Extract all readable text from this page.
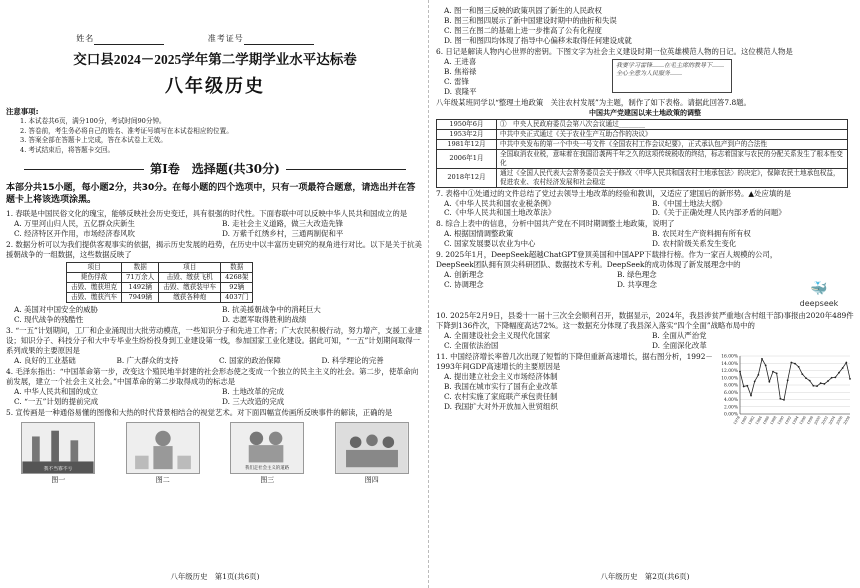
姓名	准考证号
交口县2024－2025学年第二学期学业水平达标卷
八年级历史
注意事项:

1. 本试卷共6页，满分100分，考试时间90分钟。

2. 答卷前，考生务必将自己的姓名、准考证号填写在本试卷相应的位置。

3. 答案全部在答题卡上完成，答在本试卷上无效。

4. 考试结束后，将答题卡交回。

第Ⅰ卷　选择题(共30分)
本部分共15小题，每小题2分，共30分。在每小题的四个选项中，只有一项最符合题意，请选出并在答题卡上将该选项涂黑。
1. 春联是中国民俗文化的瑰宝，能够反映社会历史变迁，具有很强的时代性。下面春联中可以反映中华人民共和国成立的是
A. 万里河山归人民，五亿群众庆新生	B. 走社会主义道路，做三大改造先锋
C. 经济特区开作用，市场经济春风吹	D. 万紫千红绣乡村，三通两制促和平
2. 数据分析可以为我们提供客观事实的依据，揭示历史发展的趋势，在历史中以丰富历史研究的视角进行对比。以下是关于抗美援朝战争的一组数据，这些数据反映了
项目	数据	项目	数据
毙伤俘敌	71万余人	击毁、缴获飞机	4268架
击毁、缴获坦克	1492辆	击毁、缴获装甲车	92辆
击毁、缴获汽车	7949辆	缴获各种炮	4037门
A. 美国对中国安全的威胁	B. 抗美援朝战争中的消耗巨大
C. 现代战争的残酷性	D. 志愿军取得胜利的战绩
3. “一五”计划期间，工厂和企业涌现出大批劳动模范，一些知识分子和先进工作者；广大农民积极行动，努力增产，支援工业建设；知识分子、科技分子和大中专毕业生纷纷投身到工业建设第一线，参加国家工业化建设。据此可知，“一五”计划期间取得一系列成果的主要原因是
A. 良好的工业基础	B. 广大群众的支持	C. 国家的政治保障	D. 科学理论的完善
4. 毛泽东指出：“中国革命第一步，改变这个殖民地半封建的社会形态使之变成一个独立的民主主义的社会。第二步，使革命向前发展，建立一个社会主义社会。”中国革命的第二步取得成功的标志是
A. 中华人民共和国的成立	B. 土地改革的完成
C. “一五”计划的提前完成	D. 三大改造的完成
5. 宣传画是一种通俗易懂的图像和大热的时代背景相结合的视觉艺术。对下面四幅宣传画所反映事件的解读，正确的是
我不当寡不亏
图一	图二
我们走社会主义的道路
图三	图四
八年级历史　第1页(共6页)
A. 图一和图三反映的政策巩固了新生的人民政权
B. 图三和图四展示了新中国建设时期中的曲折和失误
C. 图三在图二的基础上进一步推高了公有化程度
D. 图一和图四均体现了指导中心偏移未取得任何建设成就
6. 日记是解读人物内心世界的密钥。下图文字为社会主义建设时期一位英雄模范人物的日记。这位模范人物是
A. 王进喜
B. 焦裕禄
C. 雷锋
D. 袁隆平
我要学习雷锋……在毛主席的教导下……全心全意为人民服务……
八年级某班同学以“整理土地政策　关注农村发展”为主题，制作了如下表格。请据此回答7.8题。
中国共产党建国以来土地政策的调整
1950年6月	①　中央人民政府委员会第八次会议通过________
1953年2月	中共中央正式通过《关于农业生产互助合作的决议》
1981年12月	中共中央发布的第一个中央一号文件《全国农村工作会议纪要》，正式承认包产到户的合法性
2006年1月	全国取消农业税，意味着在我国沿袭两千年之久的这项传统税收的终结，标志着国家与农民的分配关系发生了根本性变化
2018年12月	通过《全国人民代表大会常务委员会关于修改〈中华人民共和国农村土地承包法〉的决定》，保障农民土地承包权益，促进农业、农村经济发展和社会稳定
7. 表格中①处通过的文件总结了党过去领导土地改革的经验和教训，又适应了建国后的新形势。▲处应填的是
A.《中华人民共和国农业税条例》	B.《中国土地法大纲》
C.《中华人民共和国土地改革法》	D.《关于正确处理人民内部矛盾的问题》
8. 综合上表中的信息，分析中国共产党在不同时期调整土地政策，说明了
A. 根据国情调整政策	B. 农民对生产资料拥有所有权
C. 国家发展要以农业为中心	D. 农村阶级关系发生变化
9. 2025年1月，DeepSeek超越ChatGPT登顶美国和中国APP下载排行榜。作为一家百人规模的公司，DeepSeek团队拥有顶尖科研团队、数据技术专利。DeepSeek的成功体现了新发展理念中的
A. 创新理念	B. 绿色理念
C. 协调理念	D. 共享理念	🐳
deepseek
10. 2025年2月9日，县委十一届十三次全会顺利召开，数据显示，2024年，我县涉贫严重地(含村组干部)事报由2020年489件下降到136件次，下降幅度高达72%。这一数据充分体现了我县深入落实“四个全面”战略布局中的
A. 全面建设社会主义现代化国家	B. 全面从严治党
C. 全面依法治国	D. 全面深化改革
11. 中国经济增长率曾几次出现了短暂的下降但重新高速增长，据右图分析，1992－1993年间GDP高速增长的主要原因是
A. 提出建立社会主义市场经济体制
B. 我国在城市实行了国有企业改革
C. 农村实施了家庭联产承包责任制
D. 我国扩大对外开放加入世贸组织
16.00%
14.00%
12.00%
10.00%
8.00%
6.00%
4.00%
2.00%
0.00%
1978 1980 1982 1984 1986 1988 1990 1992 1994 1996 1998 2000 2002 2004 2006 2008
八年级历史　第2页(共6页)
